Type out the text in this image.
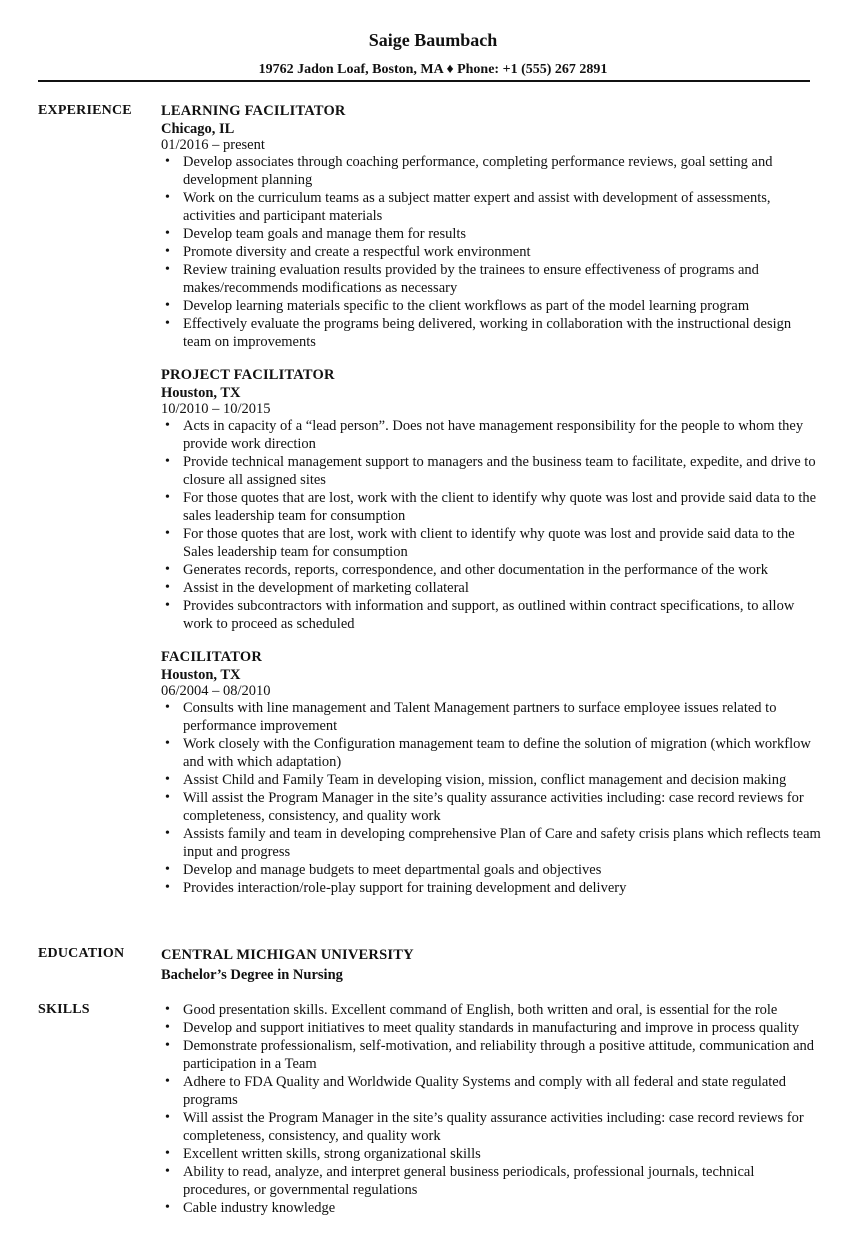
Saige Baumbach
19762 Jadon Loaf, Boston, MA ♦ Phone: +1 (555) 267 2891
EXPERIENCE LEARNING FACILITATOR
Chicago, IL
01/2016 – present
• Develop associates through coaching performance, completing performance reviews, goal setting and development planning
• Work on the curriculum teams as a subject matter expert and assist with development of assessments, activities and participant materials
• Develop team goals and manage them for results
• Promote diversity and create a respectful work environment
• Review training evaluation results provided by the trainees to ensure effectiveness of programs and makes/recommends modifications as necessary
• Develop learning materials specific to the client workflows as part of the model learning program
• Effectively evaluate the programs being delivered, working in collaboration with the instructional design team on improvements
PROJECT FACILITATOR
Houston, TX
10/2010 – 10/2015
• Acts in capacity of a “lead person”. Does not have management responsibility for the people to whom they provide work direction
• Provide technical management support to managers and the business team to facilitate, expedite, and drive to closure all assigned sites
• For those quotes that are lost, work with the client to identify why quote was lost and provide said data to the sales leadership team for consumption
• For those quotes that are lost, work with client to identify why quote was lost and provide said data to the Sales leadership team for consumption
• Generates records, reports, correspondence, and other documentation in the performance of the work
• Assist in the development of marketing collateral
• Provides subcontractors with information and support, as outlined within contract specifications, to allow work to proceed as scheduled
FACILITATOR
Houston, TX
06/2004 – 08/2010
• Consults with line management and Talent Management partners to surface employee issues related to performance improvement
• Work closely with the Configuration management team to define the solution of migration (which workflow and with which adaptation)
• Assist Child and Family Team in developing vision, mission, conflict management and decision making
• Will assist the Program Manager in the site’s quality assurance activities including: case record reviews for completeness, consistency, and quality work
• Assists family and team in developing comprehensive Plan of Care and safety crisis plans which reflects team input and progress
• Develop and manage budgets to meet departmental goals and objectives
• Provides interaction/role-play support for training development and delivery
EDUCATION	CENTRAL MICHIGAN UNIVERSITY
Bachelor’s Degree in Nursing
SKILLS
•	Good presentation skills. Excellent command of English, both written and oral, is essential for the role
• Develop and support initiatives to meet quality standards in manufacturing and improve in process quality
• Demonstrate professionalism, self-motivation, and reliability through a positive attitude, communication and participation in a Team
• Adhere to FDA Quality and Worldwide Quality Systems and comply with all federal and state regulated programs
• Will assist the Program Manager in the site’s quality assurance activities including: case record reviews for completeness, consistency, and quality work
• Excellent written skills, strong organizational skills
• Ability to read, analyze, and interpret general business periodicals, professional journals, technical procedures, or governmental regulations
• Cable industry knowledge
